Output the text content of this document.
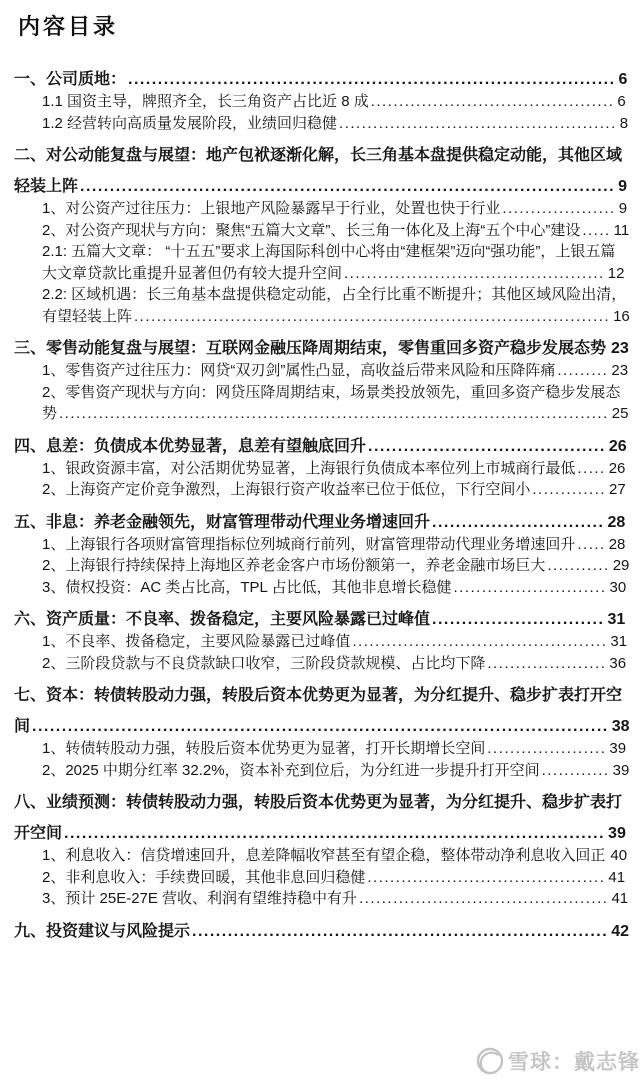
内容目录
一、公司质地： .................................................................................. 6
1.1 国资主导，牌照齐全，长三角资产占比近 8 成 ........................................... 6
1.2 经营转向高质量发展阶段，业绩回归稳健 ................................................. 8
二、对公动能复盘与展望：地产包袱逐渐化解，长三角基本盘提供稳定动能，其他区域轻装上阵 .......................................................................................... 9
1、对公资产过往压力：上银地产风险暴露早于行业，处置也快于行业 .................... 9
2、对公资产现状与方向：聚焦“五篇大文章”、长三角一体化及上海“五个中心”建设 ..... 11
2.1: 五篇大文章： “十五五”要求上海国际科创中心将由“建框架”迈向“强功能”，上银五篇大文章贷款比重提升显著但仍有较大提升空间 .............................................. 12
2.2: 区域机遇：长三角基本盘提供稳定动能，占全行比重不断提升；其他区域风险出清，有望轻装上阵 .................................................................................... 16
三、零售动能复盘与展望：互联网金融压降周期结束，零售重回多资产稳步发展态势 23
1、零售资产过往压力：网贷“双刃剑”属性凸显，高收益后带来风险和压降阵痛 ......... 23
2、零售资产现状与方向：网贷压降周期结束，场景类投放领先，重回多资产稳步发展态势 ................................................................................................. 25
四、息差：负债成本优势显著，息差有望触底回升 ........................................ 26
1、银政资源丰富，对公活期优势显著，上海银行负债成本率位列上市城商行最低 ..... 26
2、上海资产定价竞争激烈，上海银行资产收益率已位于低位，下行空间小 ............. 27
五、非息：养老金融领先，财富管理带动代理业务增速回升 ............................. 28
1、上海银行各项财富管理指标位列城商行前列，财富管理带动代理业务增速回升 ..... 28
2、上海银行持续保持上海地区养老金客户市场份额第一，养老金融市场巨大 ........... 29
3、债权投资：AC 类占比高，TPL 占比低，其他非息增长稳健 ........................... 30
六、资产质量：不良率、拨备稳定，主要风险暴露已过峰值 ............................. 31
1、不良率、拨备稳定，主要风险暴露已过峰值 ............................................. 31
2、三阶段贷款与不良贷款缺口收窄，三阶段贷款规模、占比均下降 ..................... 36
七、资本：转债转股动力强，转股后资本优势更为显著，为分红提升、稳步扩表打开空间 ................................................................................................. 38
1、转债转股动力强，转股后资本优势更为显著，打开长期增长空间 ..................... 39
2、2025 中期分红率 32.2%，资本补充到位后，为分红进一步提升打开空间 ............ 39
八、业绩预测：转债转股动力强，转股后资本优势更为显著，为分红提升、稳步扩表打开空间 ........................................................................................... 39
1、利息收入：信贷增速回升，息差降幅收窄甚至有望企稳，整体带动净利息收入回正 40
2、非利息收入：手续费回暖，其他非息回归稳健 .......................................... 41
3、预计 25E-27E 营收、利润有望维持稳中有升 ............................................ 41
九、投资建议与风险提示 ...................................................................... 42
雪球：戴志锋
